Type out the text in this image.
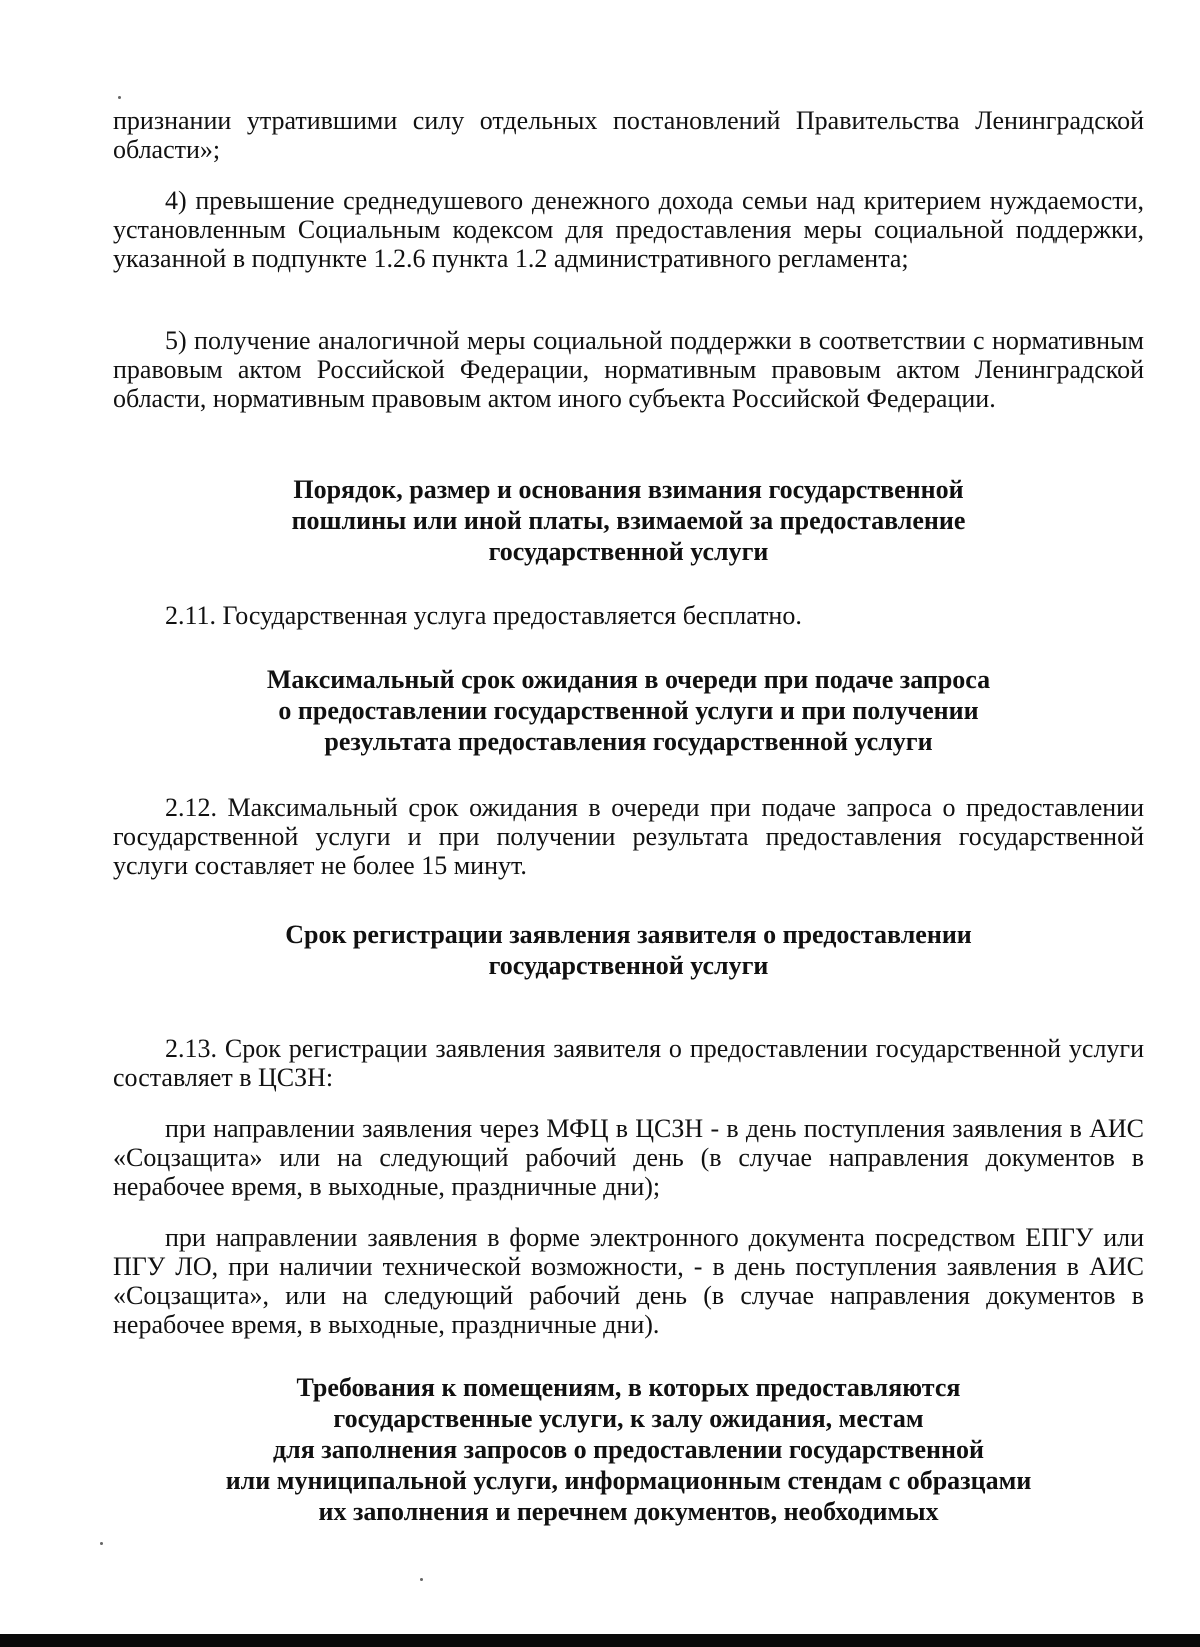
признании утратившими силу отдельных постановлений Правительства Ленинградской области»;

4) превышение среднедушевого денежного дохода семьи над критерием нуждаемости, установленным Социальным кодексом для предоставления меры социальной поддержки, указанной в подпункте 1.2.6 пункта 1.2 административного регламента;

5) получение аналогичной меры социальной поддержки в соответствии с нормативным правовым актом Российской Федерации, нормативным правовым актом Ленинградской области, нормативным правовым актом иного субъекта Российской Федерации.

Порядок, размер и основания взимания государственной
пошлины или иной платы, взимаемой за предоставление
государственной услуги

2.11. Государственная услуга предоставляется бесплатно.

Максимальный срок ожидания в очереди при подаче запроса
о предоставлении государственной услуги и при получении
результата предоставления государственной услуги

2.12. Максимальный срок ожидания в очереди при подаче запроса о предоставлении государственной услуги и при получении результата предоставления государственной услуги составляет не более 15 минут.

Срок регистрации заявления заявителя о предоставлении
государственной услуги

2.13. Срок регистрации заявления заявителя о предоставлении государственной услуги составляет в ЦСЗН:

при направлении заявления через МФЦ в ЦСЗН - в день поступления заявления в АИС «Соцзащита» или на следующий рабочий день (в случае направления документов в нерабочее время, в выходные, праздничные дни);

при направлении заявления в форме электронного документа посредством ЕПГУ или ПГУ ЛО, при наличии технической возможности, - в день поступления заявления в АИС «Соцзащита», или на следующий рабочий день (в случае направления документов в нерабочее время, в выходные, праздничные дни).

Требования к помещениям, в которых предоставляются
государственные услуги, к залу ожидания, местам
для заполнения запросов о предоставлении государственной
или муниципальной услуги, информационным стендам с образцами
их заполнения и перечнем документов, необходимых
